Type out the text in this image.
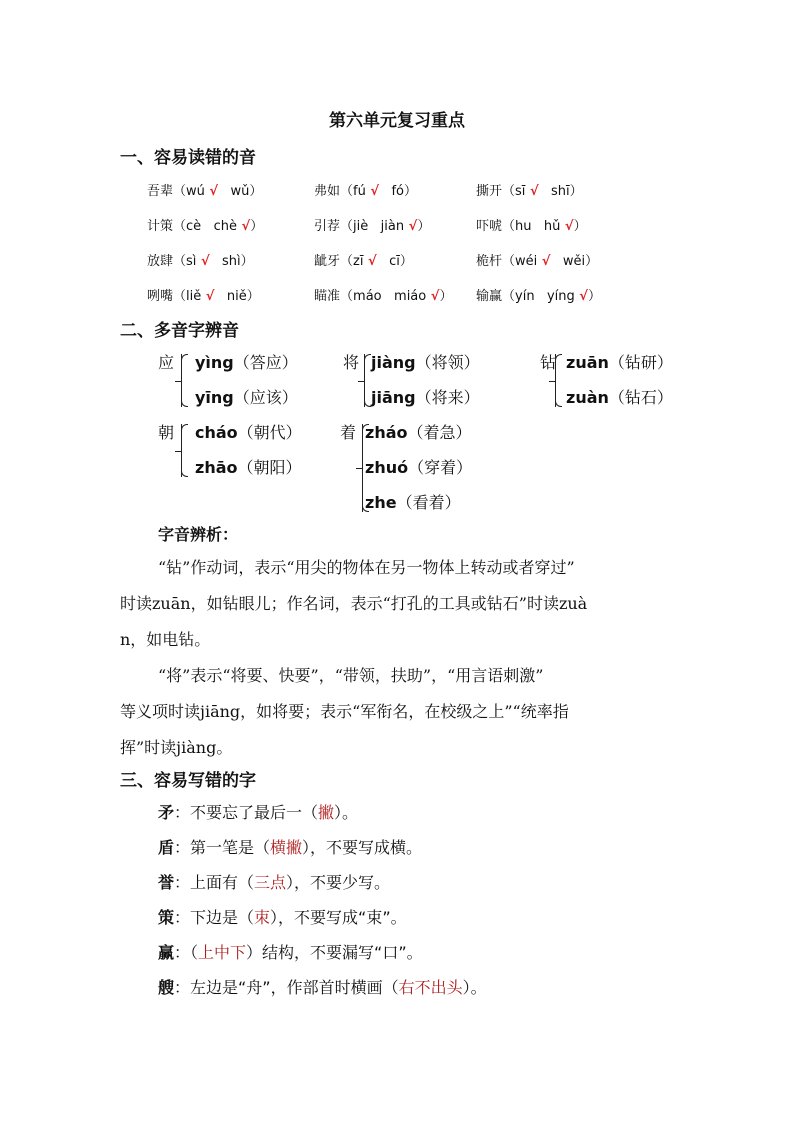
第六单元复习重点
一、容易读错的音
吾辈（wú √ wǔ）	弗如（fú √ fó）	撕开（sī √ shī）
计策（cè chè √）	引荐（jiè jiàn √）	吓唬（hu hǔ √）
放肆（sì √ shì）	龇牙（zī √ cī）	桅杆（wéi √ wěi）
咧嘴（liě √ niě）	瞄准（máo miáo √） 输赢（yín yíng √）
二、多音字辨音
应 yìng（答应）
yīng（应该）
将 jiàng（将领）
jiāng（将来）
钻 zuān（钻研）
zuàn（钻石）
朝 cháo（朝代）
zhāo（朝阳）
着 zháo（着急）
zhuó（穿着）
zhe（看着）
字音辨析：
“钻”作动词，表示“用尖的物体在另一物体上转动或者穿过”
时读zuān，如钻眼儿；作名词，表示“打孔的工具或钻石”时读zuà
n，如电钻。
“将”表示“将要、快要”，“带领，扶助”，“用言语刺激”
等义项时读jiāng，如将要；表示“军衔名，在校级之上”“统率指
挥”时读jiàng。
三、容易写错的字
矛：不要忘了最后一（撇）。
盾：第一笔是（横撇），不要写成横。
誉：上面有（三点），不要少写。
策：下边是（朿），不要写成“束”。
赢：（上中下）结构，不要漏写“口”。
艘：左边是“舟”，作部首时横画（右不出头）。
